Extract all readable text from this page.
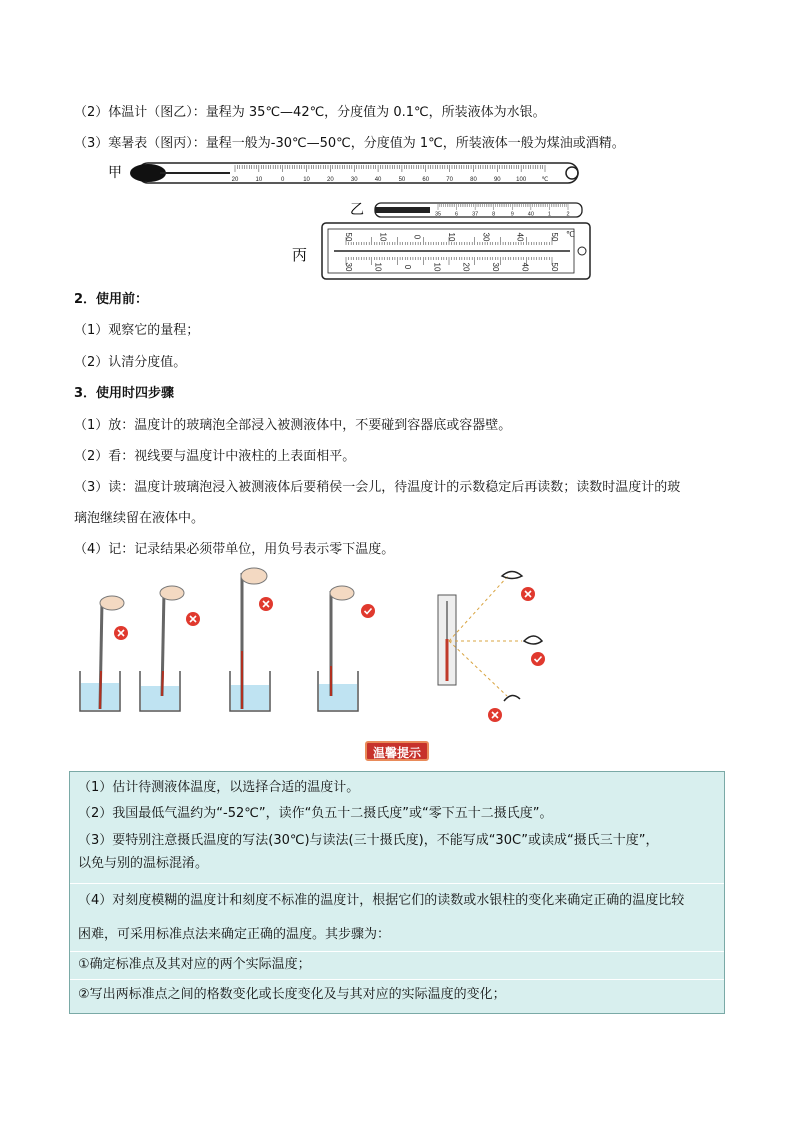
（2）体温计（图乙）：量程为 35℃—42℃，分度值为 0.1℃，所装液体为水银。
（3）寒暑表（图丙）：量程一般为-30℃—50℃，分度值为 1℃，所装液体一般为煤油或酒精。
甲	20	10	0	10	20	30	40	50	60	70	80	90	100	℃
乙	35	6	37	8	9	40	1	2
丙
50	10	0	10	30	40	50
30	10	0	10	20	30	40	50
℃
2．使用前：
（1）观察它的量程；
（2）认清分度值。
3．使用时四步骤
（1）放：温度计的玻璃泡全部浸入被测液体中，不要碰到容器底或容器壁。
（2）看：视线要与温度计中液柱的上表面相平。
（3）读：温度计玻璃泡浸入被测液体后要稍侯一会儿，待温度计的示数稳定后再读数；读数时温度计的玻
璃泡继续留在液体中。
（4）记：记录结果必须带单位，用负号表示零下温度。
温馨提示
（1）估计待测液体温度，以选择合适的温度计。
（2）我国最低气温约为“-52℃”，读作“负五十二摄氏度”或“零下五十二摄氏度”。
（3）要特别注意摄氏温度的写法(30℃)与读法(三十摄氏度)，不能写成“30C”或读成“摄氏三十度”，
以免与别的温标混淆。
（4）对刻度模糊的温度计和刻度不标准的温度计，根据它们的读数或水银柱的变化来确定正确的温度比较
困难，可采用标准点法来确定正确的温度。其步骤为：
①确定标准点及其对应的两个实际温度；
②写出两标准点之间的格数变化或长度变化及与其对应的实际温度的变化；
